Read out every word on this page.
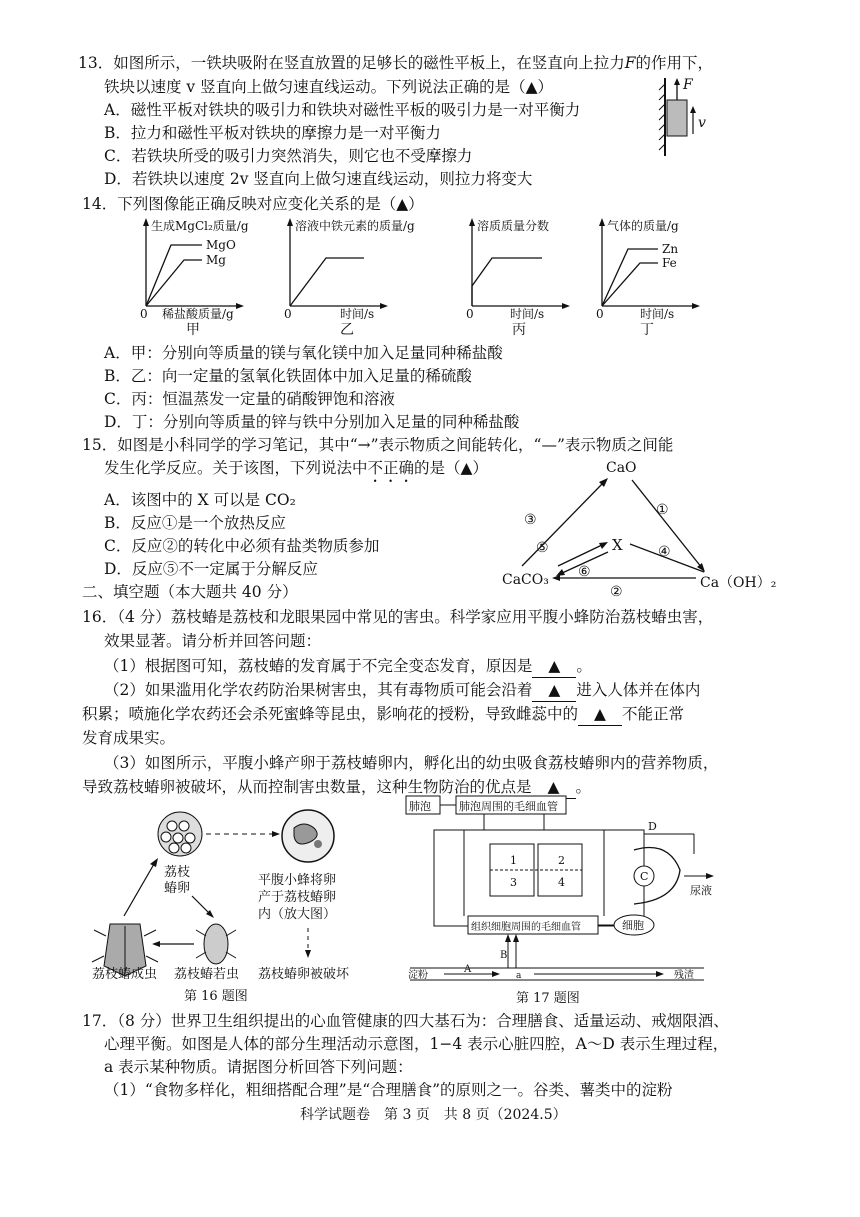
13．如图所示，一铁块吸附在竖直放置的足够长的磁性平板上，在竖直向上拉力F的作用下，
铁块以速度 v 竖直向上做匀速直线运动。下列说法正确的是（▲）
A．磁性平板对铁块的吸引力和铁块对磁性平板的吸引力是一对平衡力
B．拉力和磁性平板对铁块的摩擦力是一对平衡力
C．若铁块所受的吸引力突然消失，则它也不受摩擦力
D．若铁块以速度 2v 竖直向上做匀速直线运动，则拉力将变大
F
v
14．下列图像能正确反映对应变化关系的是（▲）
生成MgCl₂质量/g
MgO
Mg
0 稀盐酸质量/g
甲
溶液中铁元素的质量/g
0	时间/s
乙
溶质质量分数
0	时间/s
丙
气体的质量/g
Zn
Fe
0	时间/s
丁
A．甲：分别向等质量的镁与氧化镁中加入足量同种稀盐酸
B．乙：向一定量的氢氧化铁固体中加入足量的稀硫酸
C．丙：恒温蒸发一定量的硝酸钾饱和溶液
D．丁：分别向等质量的锌与铁中分别加入足量的同种稀盐酸
15．如图是小科同学的学习笔记，其中“→”表示物质之间能转化，“—”表示物质之间能
发生化学反应。关于该图，下列说法中不正确的是（▲）
A．该图中的 X 可以是 CO₂
B．反应①是一个放热反应
C．反应②的转化中必须有盐类物质参加
D．反应⑤不一定属于分解反应
CaO
CaCO₃	Ca（OH）₂
X
③
①
②
⑤
⑥
④
二、填空题（本大题共 40 分）
16．（4 分）荔枝蝽是荔枝和龙眼果园中常见的害虫。科学家应用平腹小蜂防治荔枝蝽虫害，
效果显著。请分析并回答问题：
（1）根据图可知，荔枝蝽的发育属于不完全变态发育，原因是 ▲ 。
（2）如果滥用化学农药防治果树害虫，其有毒物质可能会沿着 ▲ 进入人体并在体内
积累；喷施化学农药还会杀死蜜蜂等昆虫，影响花的授粉，导致雌蕊中的 ▲ 不能正常
发育成果实。
（3）如图所示，平腹小蜂产卵于荔枝蝽卵内，孵化出的幼虫吸食荔枝蝽卵内的营养物质，
导致荔枝蝽卵被破坏，从而控制害虫数量，这种生物防治的优点是 ▲ 。
荔枝
蝽卵
平腹小蜂将卵
产于荔枝蝽卵
内（放大图）
荔枝蝽卵被破坏
荔枝蝽成虫 荔枝蝽若虫
第 16 题图
肺泡	肺泡周围的毛细血管
1	2
3	4	C
D
尿液
组织细胞周围的毛细血管	细胞
B
淀粉
A
a	残渣
第 17 题图
17．（8 分）世界卫生组织提出的心血管健康的四大基石为：合理膳食、适量运动、戒烟限酒、
心理平衡。如图是人体的部分生理活动示意图，1−4 表示心脏四腔，A～D 表示生理过程，
a 表示某种物质。请据图分析回答下列问题：
（1）“食物多样化，粗细搭配合理”是“合理膳食”的原则之一。谷类、薯类中的淀粉
科学试题卷　第 3 页　共 8 页（2024.5）
